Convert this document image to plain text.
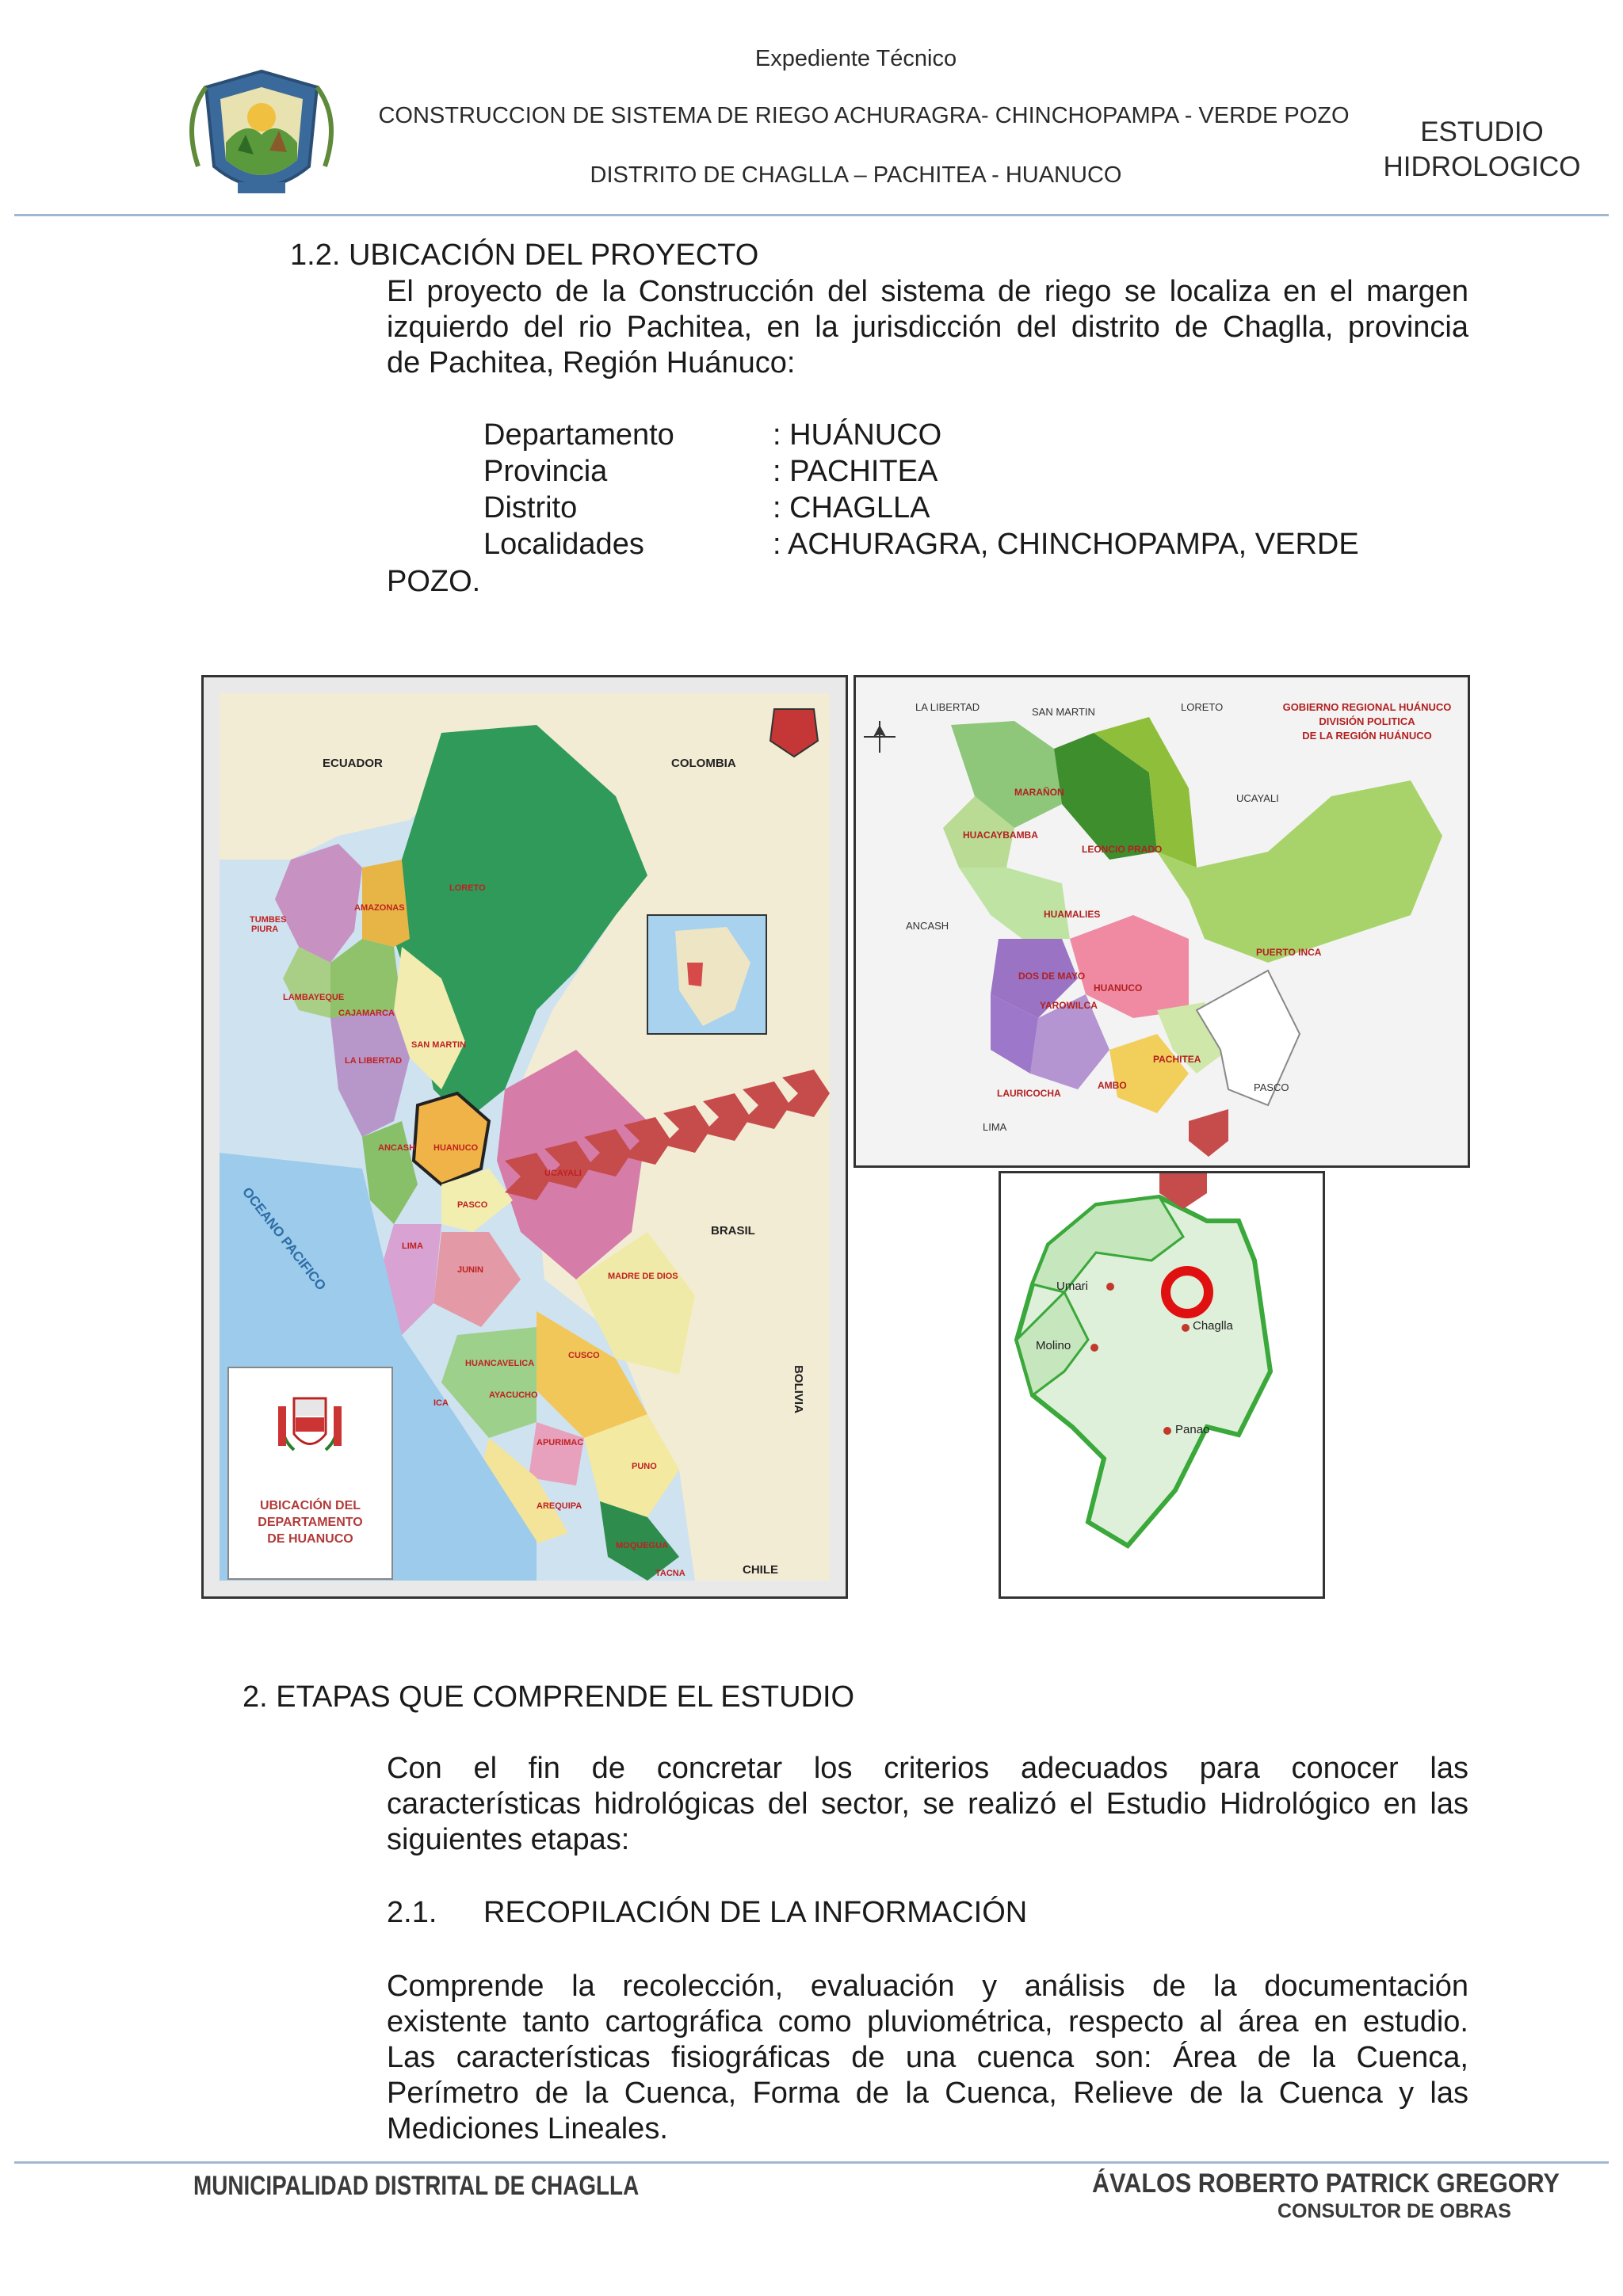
Expediente Técnico
CONSTRUCCION DE SISTEMA DE RIEGO ACHURAGRA- CHINCHOPAMPA - VERDE POZO
DISTRITO DE CHAGLLA – PACHITEA - HUANUCO
ESTUDIO
HIDROLOGICO
1.2. UBICACIÓN DEL PROYECTO
El proyecto de la Construcción del sistema de riego se localiza en el margen
izquierdo del rio Pachitea, en la jurisdicción del distrito de Chaglla, provincia
de Pachitea, Región Huánuco:
Departamento	: HUÁNUCO
Provincia	: PACHITEA
Distrito	: CHAGLLA
Localidades	: ACHURAGRA, CHINCHOPAMPA, VERDE
POZO.
ECUADOR	COLOMBIA
BRASIL
BOLIVIA
CHILE
OCEANO PACIFICO
TUMBES
PIURA
AMAZONAS
LAMBAYEQUE
CAJAMARCA
LA LIBERTAD
SAN MARTIN
LORETO
ANCASH HUANUCO
PASCO
UCAYALI
LIMA
JUNIN
MADRE DE DIOS
CUSCO
AYACUCHO
APURIMAC
PUNO
AREQUIPA
MOQUEGUA
TACNA
ICA
HUANCAVELICA
UBICACIÓN DEL
DEPARTAMENTO
DE HUANUCO
GOBIERNO REGIONAL HUÁNUCO
DIVISIÓN POLITICA
DE LA REGIÓN HUÁNUCO
LA LIBERTAD	SAN MARTIN	LORETO
UCAYALI
ANCASH
PASCO
LIMA
MARAÑON
HUACAYBAMBA
LEONCIO PRADO
HUAMALIES
DOS DE MAYO
HUANUCO
YAROWILCA
PUERTO INCA
PACHITEA
LAURICOCHA
AMBO
Umari
Molino
Chaglla
Panao
2. ETAPAS QUE COMPRENDE EL ESTUDIO
Con el fin de concretar los criterios adecuados para conocer las
características hidrológicas del sector, se realizó el Estudio Hidrológico en las
siguientes etapas:
2.1. RECOPILACIÓN DE LA INFORMACIÓN
Comprende la recolección, evaluación y análisis de la documentación
existente tanto cartográfica como pluviométrica, respecto al área en estudio.
Las características fisiográficas de una cuenca son: Área de la Cuenca,
Perímetro de la Cuenca, Forma de la Cuenca, Relieve de la Cuenca y las
Mediciones Lineales.
MUNICIPALIDAD DISTRITAL DE CHAGLLA	ÁVALOS ROBERTO PATRICK GREGORY
CONSULTOR DE OBRAS
